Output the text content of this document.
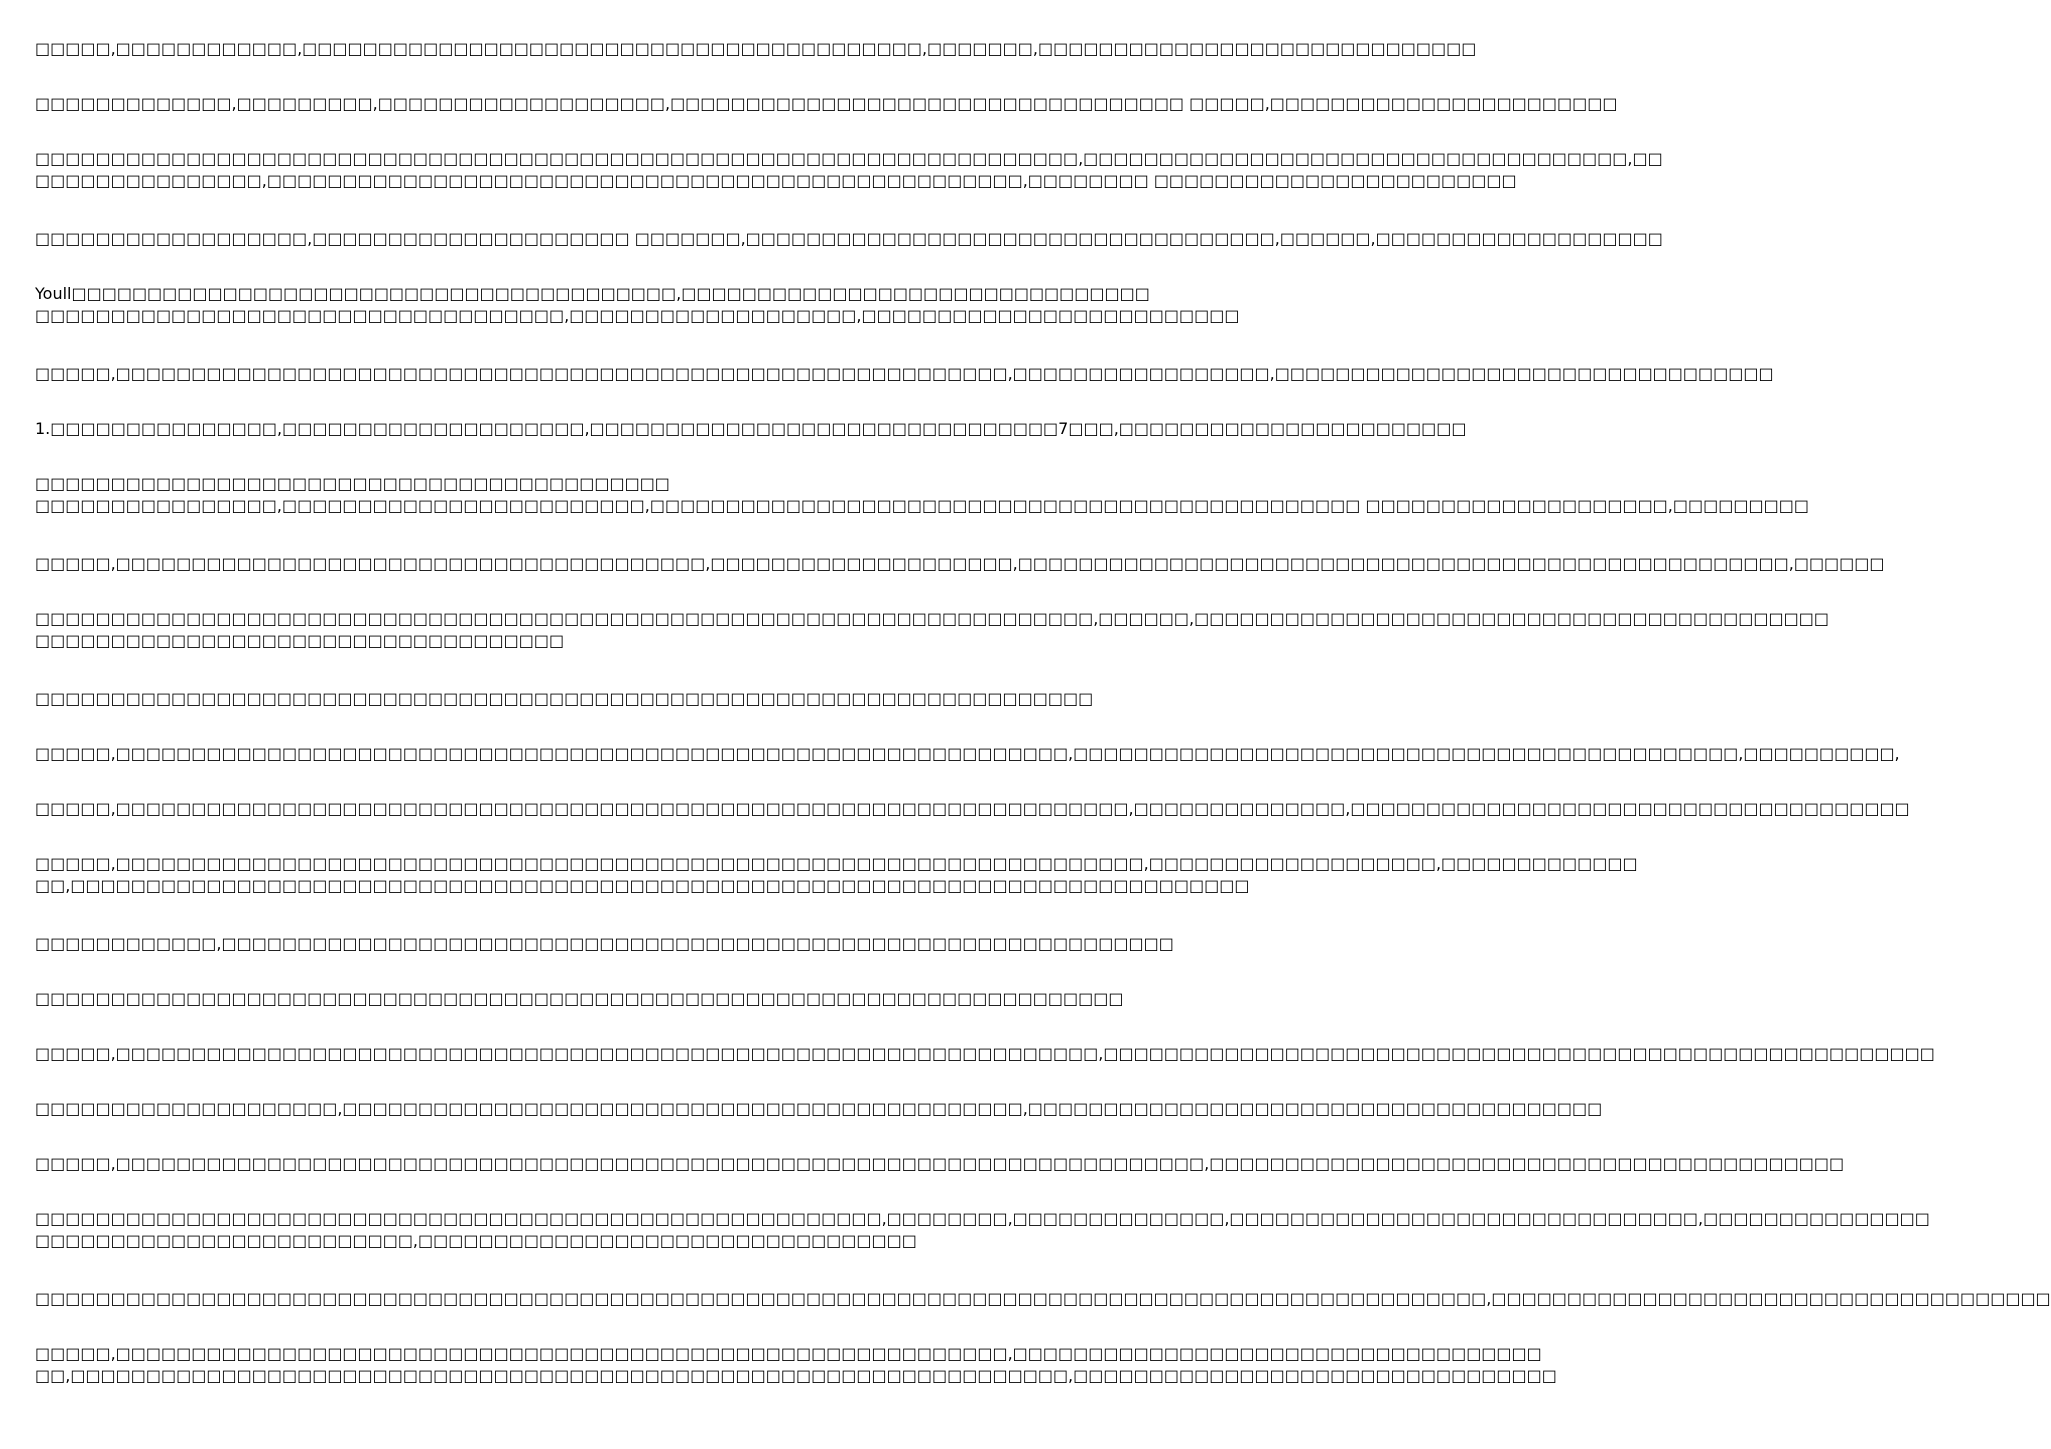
□□□□□,□□□□□□□□□□□□,□□□□□□□□□□□□□□□□□□□□□□□□□□□□□□□□□□□□□□□□□,□□□□□□□,□□□□□□□□□□□□□□□□□□□□□□□□□□□□□
□□□□□□□□□□□□□,□□□□□□□□□,□□□□□□□□□□□□□□□□□□□,□□□□□□□□□□□□□□□□□□□□□□□□□□□□□□□□□□ □□□□□,□□□□□□□□□□□□□□□□□□□□□□□
□□□□□□□□□□□□□□□□□□□□□□□□□□□□□□□□□□□□□□□□□□□□□□□□□□□□□□□□□□□□□□□□□□□□□,□□□□□□□□□□□□□□□□□□□□□□□□□□□□□□□□□□□□,□□
□□□□□□□□□□□□□□□,□□□□□□□□□□□□□□□□□□□□□□□□□□□□□□□□□□□□□□□□□□□□□□□□□□,□□□□□□□□ □□□□□□□□□□□□□□□□□□□□□□□□
□□□□□□□□□□□□□□□□□□,□□□□□□□□□□□□□□□□□□□□□ □□□□□□□,□□□□□□□□□□□□□□□□□□□□□□□□□□□□□□□□□□□,□□□□□□,□□□□□□□□□□□□□□□□□□□
Youll□□□□□□□□□□□□□□□□□□□□□□□□□□□□□□□□□□□□□□□□,□□□□□□□□□□□□□□□□□□□□□□□□□□□□□□□
□□□□□□□□□□□□□□□□□□□□□□□□□□□□□□□□□□□,□□□□□□□□□□□□□□□□□□□,□□□□□□□□□□□□□□□□□□□□□□□□□
□□□□□,□□□□□□□□□□□□□□□□□□□□□□□□□□□□□□□□□□□□□□□□□□□□□□□□□□□□□□□□□□□,□□□□□□□□□□□□□□□□□,□□□□□□□□□□□□□□□□□□□□□□□□□□□□□□□□□
1.□□□□□□□□□□□□□□□,□□□□□□□□□□□□□□□□□□□□,□□□□□□□□□□□□□□□□□□□□□□□□□□□□□□□7□□□,□□□□□□□□□□□□□□□□□□□□□□□
□□□□□□□□□□□□□□□□□□□□□□□□□□□□□□□□□□□□□□□□□□
□□□□□□□□□□□□□□□□,□□□□□□□□□□□□□□□□□□□□□□□□,□□□□□□□□□□□□□□□□□□□□□□□□□□□□□□□□□□□□□□□□□□□□□□□ □□□□□□□□□□□□□□□□□□□□,□□□□□□□□□
□□□□□,□□□□□□□□□□□□□□□□□□□□□□□□□□□□□□□□□□□□□□□,□□□□□□□□□□□□□□□□□□□□,□□□□□□□□□□□□□□□□□□□□□□□□□□□□□□□□□□□□□□□□□□□□□□□□□□□,□□□□□□
□□□□□□□□□□□□□□□□□□□□□□□□□□□□□□□□□□□□□□□□□□□□□□□□□□□□□□□□□□□□□□□□□□□□□□,□□□□□□,□□□□□□□□□□□□□□□□□□□□□□□□□□□□□□□□□□□□□□□□□□
□□□□□□□□□□□□□□□□□□□□□□□□□□□□□□□□□□□
□□□□□□□□□□□□□□□□□□□□□□□□□□□□□□□□□□□□□□□□□□□□□□□□□□□□□□□□□□□□□□□□□□□□□□
□□□□□,□□□□□□□□□□□□□□□□□□□□□□□□□□□□□□□□□□□□□□□□□□□□□□□□□□□□□□□□□□□□□□□,□□□□□□□□□□□□□□□□□□□□□□□□□□□□□□□□□□□□□□□□□□□□,□□□□□□□□□□,
□□□□□,□□□□□□□□□□□□□□□□□□□□□□□□□□□□□□□□□□□□□□□□□□□□□□□□□□□□□□□□□□□□□□□□□□□,□□□□□□□□□□□□□□,□□□□□□□□□□□□□□□□□□□□□□□□□□□□□□□□□□□□□
□□□□□,□□□□□□□□□□□□□□□□□□□□□□□□□□□□□□□□□□□□□□□□□□□□□□□□□□□□□□□□□□□□□□□□□□□□,□□□□□□□□□□□□□□□□□□□,□□□□□□□□□□□□□
□□,□□□□□□□□□□□□□□□□□□□□□□□□□□□□□□□□□□□□□□□□□□□□□□□□□□□□□□□□□□□□□□□□□□□□□□□□□□□□□□
□□□□□□□□□□□□,□□□□□□□□□□□□□□□□□□□□□□□□□□□□□□□□□□□□□□□□□□□□□□□□□□□□□□□□□□□□□□□
□□□□□□□□□□□□□□□□□□□□□□□□□□□□□□□□□□□□□□□□□□□□□□□□□□□□□□□□□□□□□□□□□□□□□□□□
□□□□□,□□□□□□□□□□□□□□□□□□□□□□□□□□□□□□□□□□□□□□□□□□□□□□□□□□□□□□□□□□□□□□□□□,□□□□□□□□□□□□□□□□□□□□□□□□□□□□□□□□□□□□□□□□□□□□□□□□□□□□□□□
□□□□□□□□□□□□□□□□□□□□,□□□□□□□□□□□□□□□□□□□□□□□□□□□□□□□□□□□□□□□□□□□□□,□□□□□□□□□□□□□□□□□□□□□□□□□□□□□□□□□□□□□□
□□□□□,□□□□□□□□□□□□□□□□□□□□□□□□□□□□□□□□□□□□□□□□□□□□□□□□□□□□□□□□□□□□□□□□□□□□□□□□,□□□□□□□□□□□□□□□□□□□□□□□□□□□□□□□□□□□□□□□□□□
□□□□□□□□□□□□□□□□□□□□□□□□□□□□□□□□□□□□□□□□□□□□□□□□□□□□□□□□,□□□□□□□□,□□□□□□□□□□□□□□,□□□□□□□□□□□□□□□□□□□□□□□□□□□□□□□,□□□□□□□□□□□□□□□
□□□□□□□□□□□□□□□□□□□□□□□□□,□□□□□□□□□□□□□□□□□□□□□□□□□□□□□□□□□
□□□□□□□□□□□□□□□□□□□□□□□□□□□□□□□□□□□□□□□□□□□□□□□□□□□□□□□□□□□□□□□□□□□□□□□□□□□□□□□□□□□□□□□□□□□□□□□□,□□□□□□□□□□□□□□□□□□□□□□□□□□□□□□□□□□□□□
□□□□□,□□□□□□□□□□□□□□□□□□□□□□□□□□□□□□□□□□□□□□□□□□□□□□□□□□□□□□□□□□□,□□□□□□□□□□□□□□□□□□□□□□□□□□□□□□□□□□□
□□,□□□□□□□□□□□□□□□□□□□□□□□□□□□□□□□□□□□□□□□□□□□□□□□□□□□□□□□□□□□□□□□□□□,□□□□□□□□□□□□□□□□□□□□□□□□□□□□□□□□
